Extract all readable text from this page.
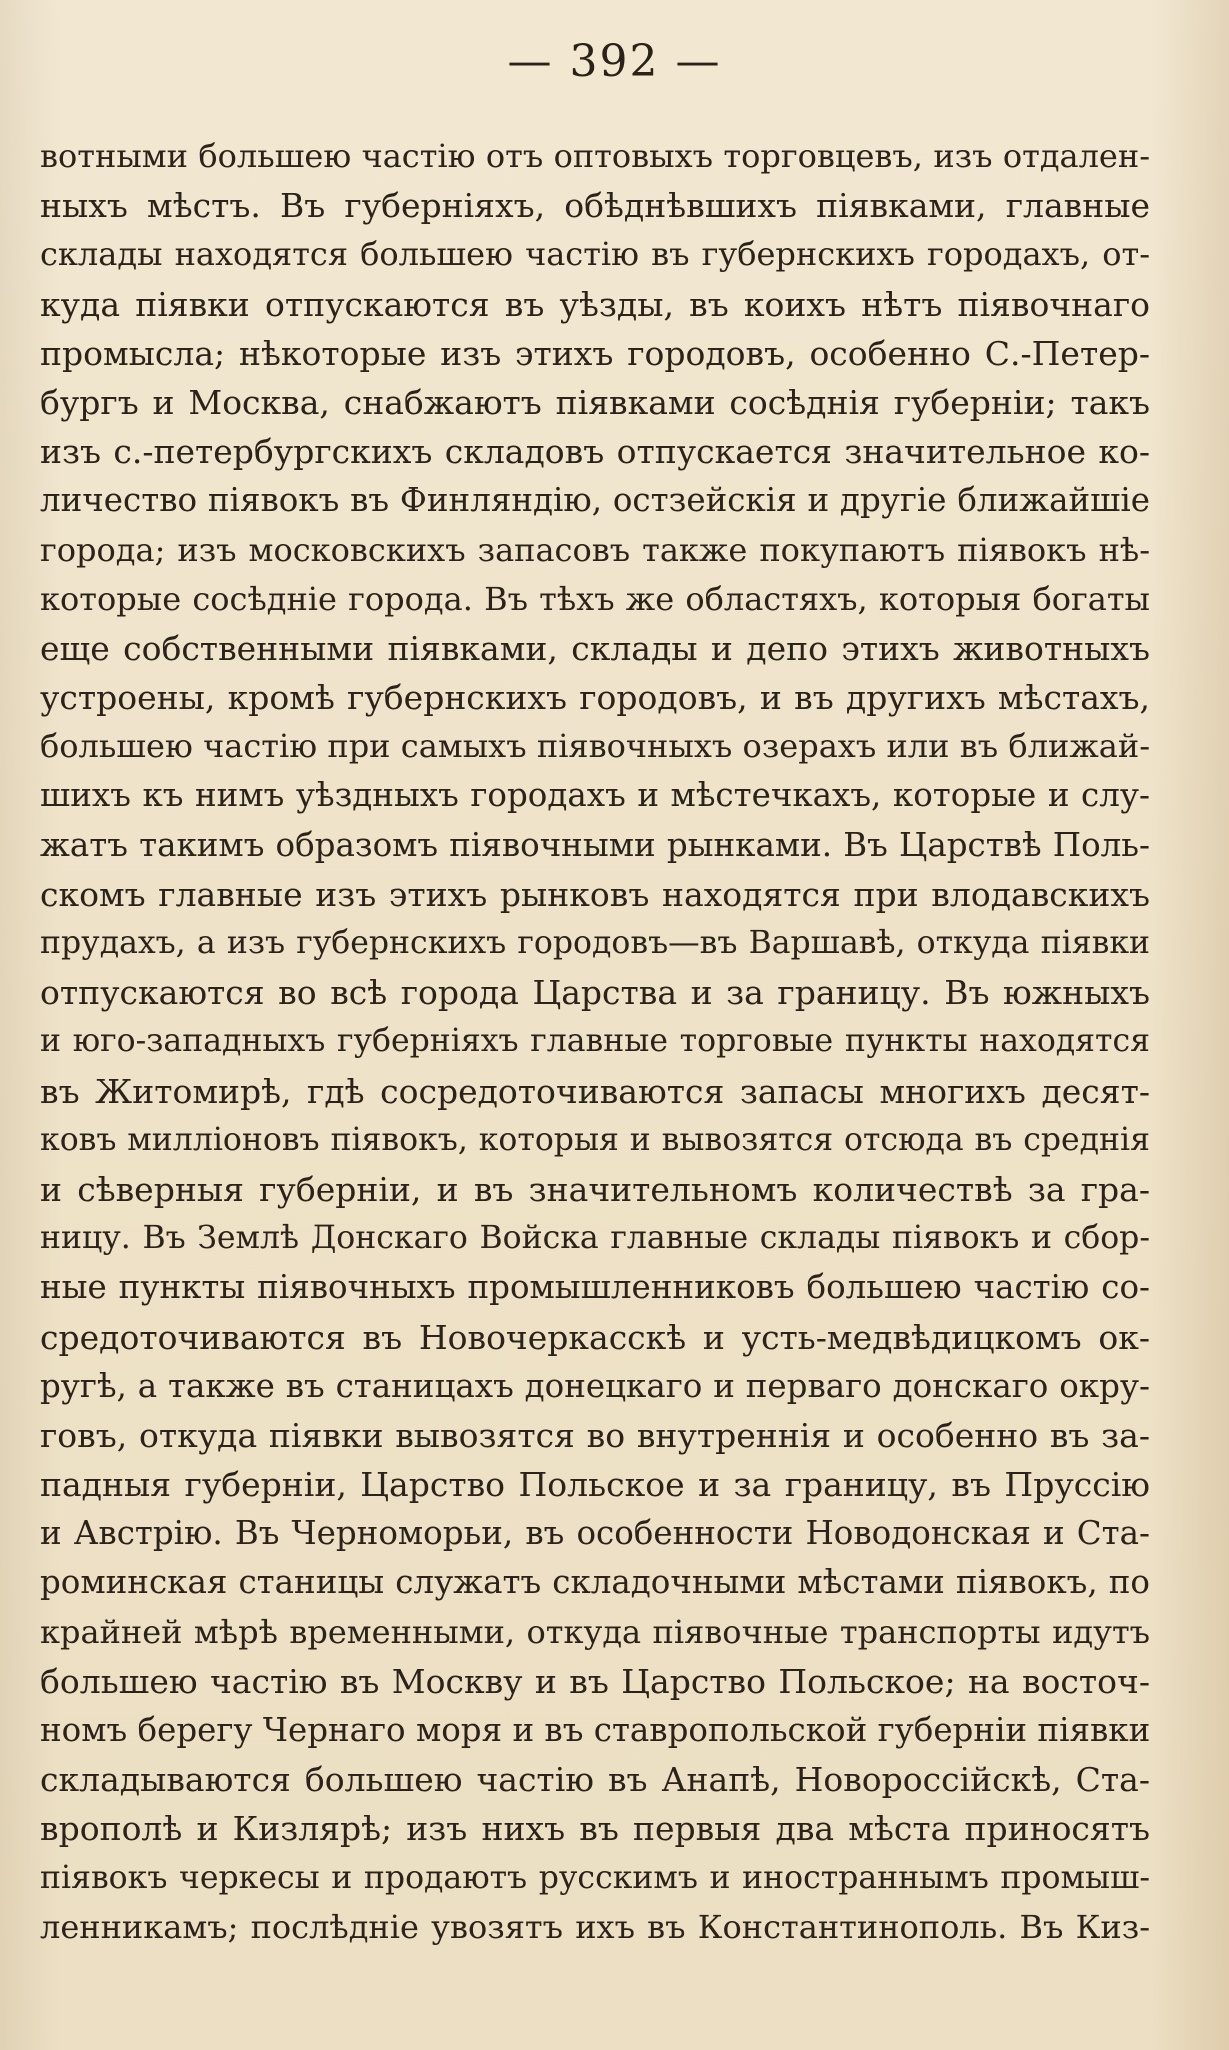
— 392 —
вотными большею частію отъ оптовыхъ торговцевъ, изъ отдален-
ныхъ мѣстъ. Въ губерніяхъ, обѣднѣвшихъ піявками, главные
склады находятся большею частію въ губернскихъ городахъ, от-
куда піявки отпускаются въ уѣзды, въ коихъ нѣтъ піявочнаго
промысла; нѣкоторые изъ этихъ городовъ, особенно С.-Петер-
бургъ и Москва, снабжаютъ піявками сосѣднія губерніи; такъ
изъ с.-петербургскихъ складовъ отпускается значительное ко-
личество піявокъ въ Финляндію, остзейскія и другіе ближайшіе
города; изъ московскихъ запасовъ также покупаютъ піявокъ нѣ-
которые сосѣдніе города. Въ тѣхъ же областяхъ, которыя богаты
еще собственными піявками, склады и депо этихъ животныхъ
устроены, кромѣ губернскихъ городовъ, и въ другихъ мѣстахъ,
большею частію при самыхъ піявочныхъ озерахъ или въ ближай-
шихъ къ нимъ уѣздныхъ городахъ и мѣстечкахъ, которые и слу-
жатъ такимъ образомъ піявочными рынками. Въ Царствѣ Поль-
скомъ главные изъ этихъ рынковъ находятся при влодавскихъ
прудахъ, а изъ губернскихъ городовъ—въ Варшавѣ, откуда піявки
отпускаются во всѣ города Царства и за границу. Въ южныхъ
и юго-западныхъ губерніяхъ главные торговые пункты находятся
въ Житомирѣ, гдѣ сосредоточиваются запасы многихъ десят-
ковъ милліоновъ піявокъ, которыя и вывозятся отсюда въ среднія
и сѣверныя губерніи, и въ значительномъ количествѣ за гра-
ницу. Въ Землѣ Донскаго Войска главные склады піявокъ и сбор-
ные пункты піявочныхъ промышленниковъ большею частію со-
средоточиваются въ Новочеркасскѣ и усть-медвѣдицкомъ ок-
ругѣ, а также въ станицахъ донецкаго и перваго донскаго окру-
говъ, откуда піявки вывозятся во внутреннія и особенно въ за-
падныя губерніи, Царство Польское и за границу, въ Пруссію
и Австрію. Въ Черноморьи, въ особенности Новодонская и Ста-
роминская станицы служатъ складочными мѣстами піявокъ, по
крайней мѣрѣ временными, откуда піявочные транспорты идутъ
большею частію въ Москву и въ Царство Польское; на восточ-
номъ берегу Чернаго моря и въ ставропольской губерніи піявки
складываются большею частію въ Анапѣ, Новороссійскѣ, Ста-
врополѣ и Кизлярѣ; изъ нихъ въ первыя два мѣста приносятъ
піявокъ черкесы и продаютъ русскимъ и иностраннымъ промыш-
ленникамъ; послѣдніе увозятъ ихъ въ Константинополь. Въ Киз-
